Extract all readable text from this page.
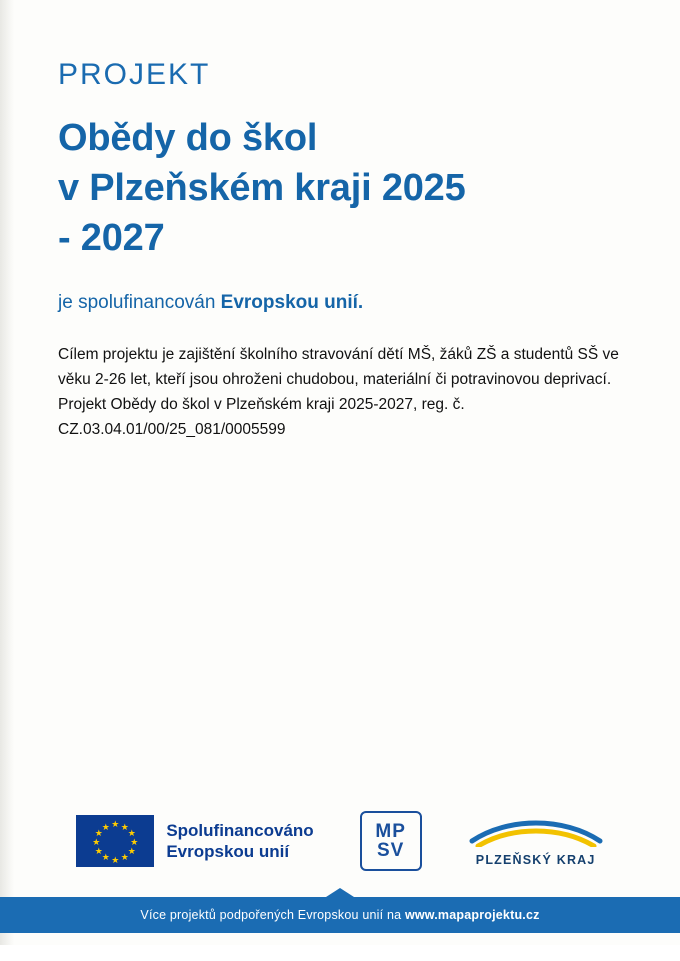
PROJEKT
Obědy do škol
v Plzeňském kraji 2025
- 2027
je spolufinancován Evropskou unií.

Cílem projektu je zajištění školního stravování dětí MŠ, žáků ZŠ a studentů SŠ ve věku 2-26 let, kteří jsou ohroženi chudobou, materiální či potravinovou deprivací.

Projekt Obědy do škol v Plzeňském kraji 2025-2027, reg. č. CZ.03.04.01/00/25_081/0005599

★ ★
★
★
★
★
★
★
★
★
★
★	Spolufinancováno
Evropskou unií
MP
SV	PLZEŇSKÝ KRAJ
Více projektů podpořených Evropskou unií na www.mapaprojektu.cz
